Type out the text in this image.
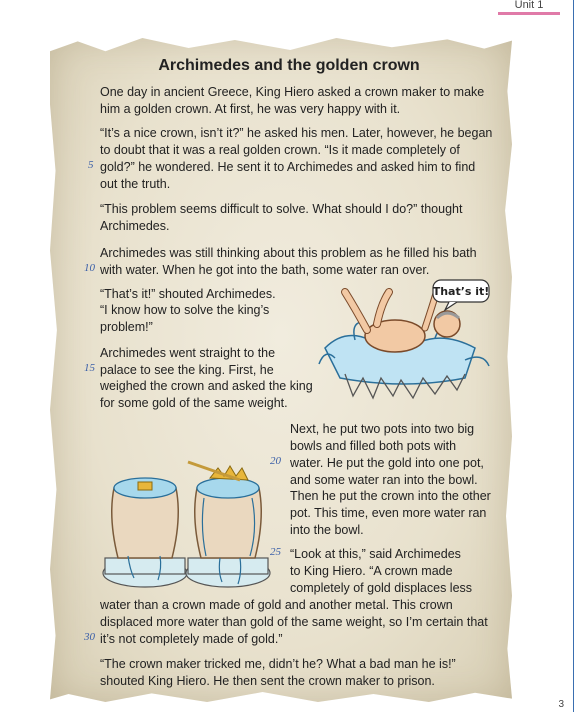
Unit 1
Archimedes and the golden crown
5
10
15
20
25
30
One day in ancient Greece, King Hiero asked a crown maker to make
him a golden crown. At first, he was very happy with it.
“It’s a nice crown, isn’t it?” he asked his men. Later, however, he began
to doubt that it was a real golden crown. “Is it made completely of
gold?” he wondered. He sent it to Archimedes and asked him to find
out the truth.
“This problem seems difficult to solve. What should I do?” thought
Archimedes.
Archimedes was still thinking about this problem as he filled his bath
with water. When he got into the bath, some water ran over.
“That’s it!” shouted Archimedes.
“I know how to solve the king’s
problem!”
Archimedes went straight to the
palace to see the king. First, he
weighed the crown and asked the king
for some gold of the same weight.
Next, he put two pots into two big
bowls and filled both pots with
water. He put the gold into one pot,
and some water ran into the bowl.
Then he put the crown into the other
pot. This time, even more water ran
into the bowl.
“Look at this,” said Archimedes
to King Hiero. “A crown made
completely of gold displaces less
water than a crown made of gold and another metal. This crown
displaced more water than gold of the same weight, so I’m certain that
it’s not completely made of gold.”
“The crown maker tricked me, didn’t he? What a bad man he is!”
shouted King Hiero. He then sent the crown maker to prison.
That’s it!
3
